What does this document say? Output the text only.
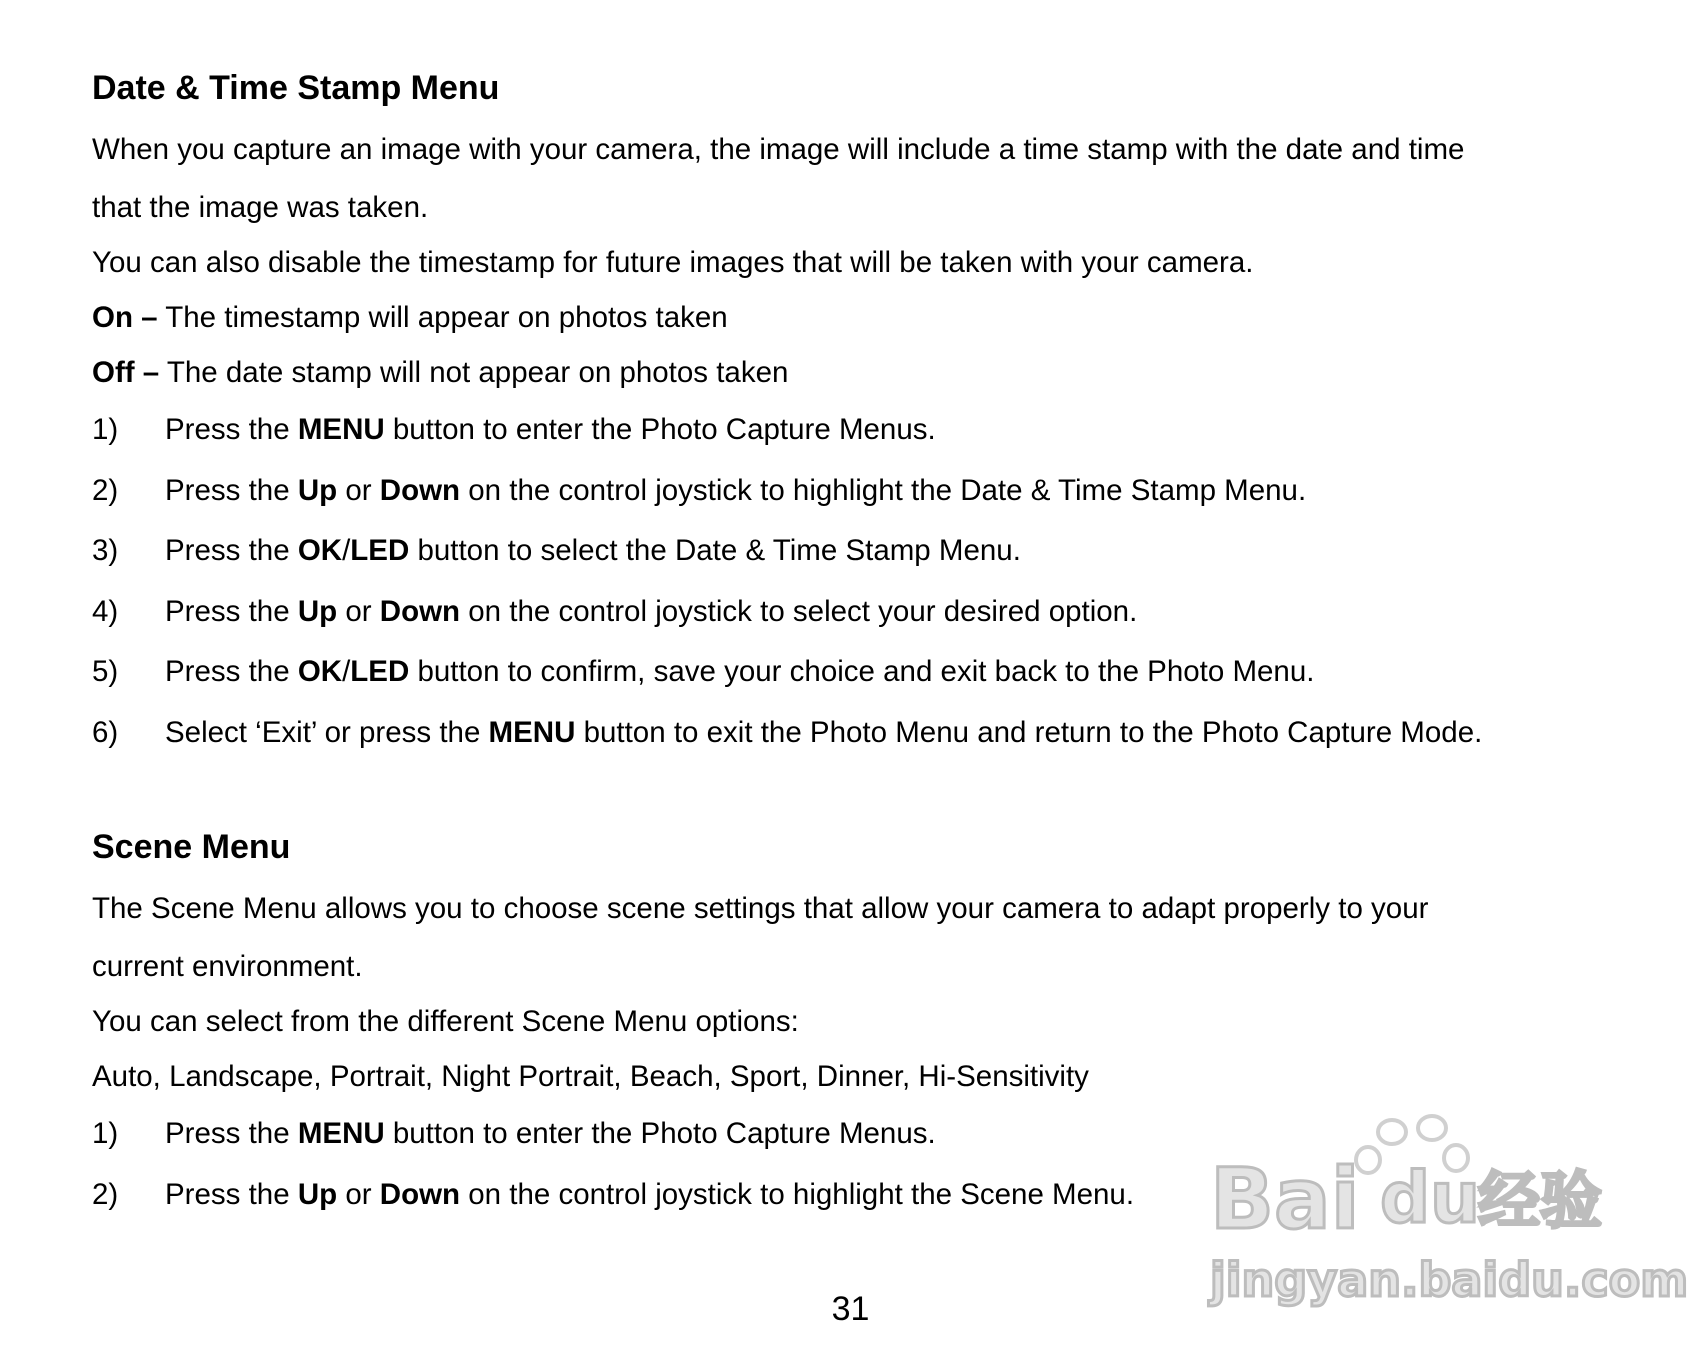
Date & Time Stamp Menu

When you capture an image with your camera, the image will include a time stamp with the date and time

that the image was taken.

You can also disable the timestamp for future images that will be taken with your camera.

On – The timestamp will appear on photos taken

Off – The date stamp will not appear on photos taken

1) Press the MENU button to enter the Photo Capture Menus.
2) Press the Up or Down on the control joystick to highlight the Date & Time Stamp Menu.
3) Press the OK/LED button to select the Date & Time Stamp Menu.
4) Press the Up or Down on the control joystick to select your desired option.
5) Press the OK/LED button to confirm, save your choice and exit back to the Photo Menu.
6) Select ‘Exit’ or press the MENU button to exit the Photo Menu and return to the Photo Capture Mode.
Scene Menu

The Scene Menu allows you to choose scene settings that allow your camera to adapt properly to your

current environment.

You can select from the different Scene Menu options:

Auto, Landscape, Portrait, Night Portrait, Beach, Sport, Dinner, Hi-Sensitivity

1) Press the MENU button to enter the Photo Capture Menus.
2) Press the Up or Down on the control joystick to highlight the Scene Menu.
31
Bai du
经验
jingyan.baidu.com
